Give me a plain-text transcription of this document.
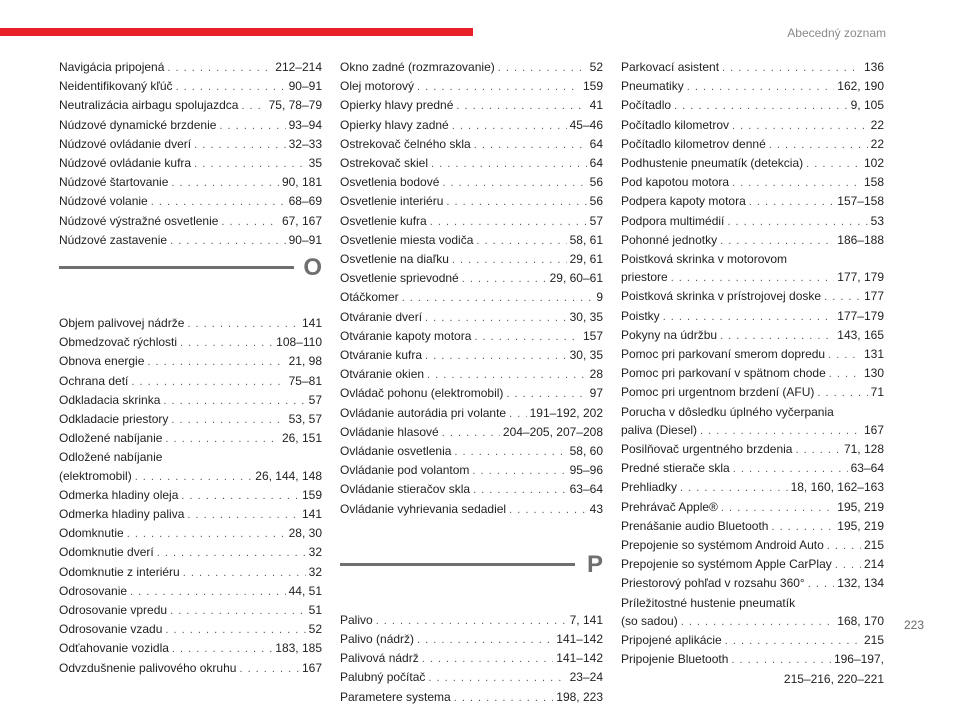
Abecedný zoznam
Navigácia pripojená . . .	212–214
Neidentifikovaný kľúč . . .	90–91
Neutralizácia airbagu spolujazdca . . .	75, 78–79
Núdzové dynamické brzdenie . . .	93–94
Núdzové ovládanie dverí . . .	32–33
Núdzové ovládanie kufra . . .	35
Núdzové štartovanie . . .	90, 181
Núdzové volanie . . .	68–69
Núdzové výstražné osvetlenie . . .	67, 167
Núdzové zastavenie . . .	90–91
O
Objem palivovej nádrže . . .	141
Obmedzovač rýchlosti . . .	108–110
Obnova energie . . .	21, 98
Ochrana detí . . .	75–81
Odkladacia skrinka . . .	57
Odkladacie priestory . . .	53, 57
Odložené nabíjanie . . .	26, 151
Odložené nabíjanie
(elektromobil) . . .	26, 144, 148
Odmerka hladiny oleja . . .	159
Odmerka hladiny paliva . . .	141
Odomknutie . . .	28, 30
Odomknutie dverí . . .	32
Odomknutie z interiéru . . .	32
Odrosovanie . . .	44, 51
Odrosovanie vpredu . . .	51
Odrosovanie vzadu . . .	52
Odťahovanie vozidla . . .	183, 185
Odvzdušnenie palivového okruhu . . .	167
Okno zadné (rozmrazovanie) . . .	52
Olej motorový . . .	159
Opierky hlavy predné . . .	41
Opierky hlavy zadné . . .	45–46
Ostrekovač čelného skla . . .	64
Ostrekovač skiel . . .	64
Osvetlenia bodové . . .	56
Osvetlenie interiéru . . .	56
Osvetlenie kufra . . .	57
Osvetlenie miesta vodiča . . .	58, 61
Osvetlenie na diaľku . . .	29, 61
Osvetlenie sprievodné . . .	29, 60–61
Otáčkomer . . .	9
Otváranie dverí . . .	30, 35
Otváranie kapoty motora . . .	157
Otváranie kufra . . .	30, 35
Otváranie okien . . .	28
Ovládač pohonu (elektromobil) . . .	97
Ovládanie autorádia pri volante . . . 191–192, 202
Ovládanie hlasové . . .	204–205, 207–208
Ovládanie osvetlenia . . .	58, 60
Ovládanie pod volantom . . .	95–96
Ovládanie stieračov skla . . .	63–64
Ovládanie vyhrievania sedadiel . . .	43
P
Palivo . . .	7, 141
Palivo (nádrž) . . .	141–142
Palivová nádrž . . .	141–142
Palubný počítač . . .	23–24
Parametere systema . . .	198, 223
Parkovací asistent . . .	136
Pneumatiky . . .	162, 190
Počítadlo . . .	9, 105
Počítadlo kilometrov . . .	22
Počítadlo kilometrov denné . . .	22
Podhustenie pneumatík (detekcia) . . .	102
Pod kapotou motora . . .	158
Podpera kapoty motora . . .	157–158
Podpora multimédií . . .	53
Pohonné jednotky . . .	186–188
Poistková skrinka v motorovom
priestore . . .	177, 179
Poistková skrinka v prístrojovej doske . . .	177
Poistky . . .	177–179
Pokyny na údržbu . . .	143, 165
Pomoc pri parkovaní smerom dopredu . . .	131
Pomoc pri parkovaní v spätnom chode . . .	130
Pomoc pri urgentnom brzdení (AFU) . . .	71
Porucha v dôsledku úplného vyčerpania
paliva (Diesel) . . .	167
Posilňovač urgentného brzdenia . . .	71, 128
Predné stierače skla . . .	63–64
Prehliadky . . .	18, 160, 162–163
Prehrávač Apple® . . .	195, 219
Prenášanie audio Bluetooth . . .	195, 219
Prepojenie so systémom Android Auto . . .	215
Prepojenie so systémom Apple CarPlay . . .	214
Priestorový pohľad v rozsahu 360° . . .	132, 134
Príležitostné hustenie pneumatík
(so sadou) . . .	168, 170
Pripojené aplikácie . . .	215
Pripojenie Bluetooth . . .	196–197,
215–216, 220–221
223
